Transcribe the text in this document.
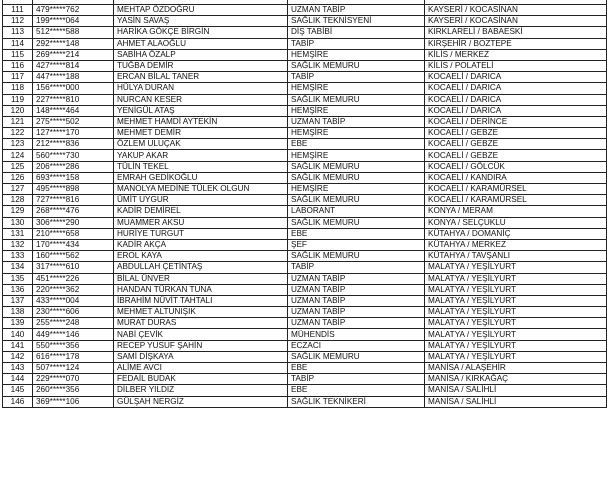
111	479*****762	MEHTAP ÖZDOĞRU	UZMAN TABİP	KAYSERİ / KOCASİNAN
112	199*****064	YASİN SAVAŞ	SAĞLIK TEKNİSYENİ	KAYSERİ / KOCASİNAN
113	512*****588	HARİKA GÖKÇE BİRGİN	DİŞ TABİBİ	KIRKLARELİ / BABAESKİ
114	292*****148	AHMET ALAOĞLU	TABİP	KIRŞEHİR / BOZTEPE
115	269*****214	SABİHA ÖZALP	HEMŞİRE	KİLİS / MERKEZ
116	427*****814	TUĞBA DEMİR	SAĞLIK MEMURU	KİLİS / POLATELİ
117	447*****188	ERCAN BİLAL TANER	TABİP	KOCAELİ / DARICA
118	156*****000	HÜLYA DURAN	HEMŞİRE	KOCAELİ / DARICA
119	227*****810	NURCAN KESER	SAĞLIK MEMURU	KOCAELİ / DARICA
120	148*****464	YENİGÜL ATAŞ	HEMŞİRE	KOCAELİ / DARICA
121	275*****502	MEHMET HAMDİ AYTEKİN	UZMAN TABİP	KOCAELİ / DERİNCE
122	127*****170	MEHMET DEMİR	HEMŞİRE	KOCAELİ / GEBZE
123	212*****836	ÖZLEM ULUÇAK	EBE	KOCAELİ / GEBZE
124	560*****730	YAKUP AKAR	HEMŞİRE	KOCAELİ / GEBZE
125	206*****286	TÜLİN TEKEL	SAĞLIK MEMURU	KOCAELİ / GÖLCÜK
126	693*****158	EMRAH GEDİKOĞLU	SAĞLIK MEMURU	KOCAELİ / KANDIRA
127	495*****898	MANOLYA MEDİNE TÜLEK OLGUN	HEMŞİRE	KOCAELİ / KARAMÜRSEL
128	727*****816	ÜMİT UYGUR	SAĞLIK MEMURU	KOCAELİ / KARAMÜRSEL
129	268*****476	KADİR DEMİREL	LABORANT	KONYA / MERAM
130	306*****290	MUAMMER AKSU	SAĞLIK MEMURU	KONYA / SELÇUKLU
131	210*****658	HURİYE TURGUT	EBE	KÜTAHYA / DOMANİÇ
132	170*****434	KADİR AKÇA	ŞEF	KÜTAHYA / MERKEZ
133	160*****562	EROL KAYA	SAĞLIK MEMURU	KÜTAHYA / TAVŞANLI
134	317*****610	ABDULLAH ÇETİNTAŞ	TABİP	MALATYA / YEŞİLYURT
135	451*****226	BİLAL ÜNVER	UZMAN TABİP	MALATYA / YEŞİLYURT
136	220*****362	HANDAN TÜRKAN TUNA	UZMAN TABİP	MALATYA / YEŞİLYURT
137	433*****004	İBRAHİM NÜVİT TAHTALI	UZMAN TABİP	MALATYA / YEŞİLYURT
138	230*****606	MEHMET ALTUNIŞIK	UZMAN TABİP	MALATYA / YEŞİLYURT
139	255*****248	MURAT DURAS	UZMAN TABİP	MALATYA / YEŞİLYURT
140	449*****146	NABİ ÇEVİK	MÜHENDİS	MALATYA / YEŞİLYURT
141	550*****356	RECEP YUSUF ŞAHİN	ECZACI	MALATYA / YEŞİLYURT
142	616*****178	SAMİ DİŞKAYA	SAĞLIK MEMURU	MALATYA / YEŞİLYURT
143	507*****124	ALİME AVCI	EBE	MANİSA / ALAŞEHİR
144	229*****070	FEDAİL BUDAK	TABİP	MANİSA / KIRKAĞAÇ
145	260*****356	DİLBER YILDIZ	EBE	MANİSA / SALİHLİ
146	369*****106	GÜLŞAH NERGİZ	SAĞLIK TEKNİKERİ	MANİSA / SALİHLİ
